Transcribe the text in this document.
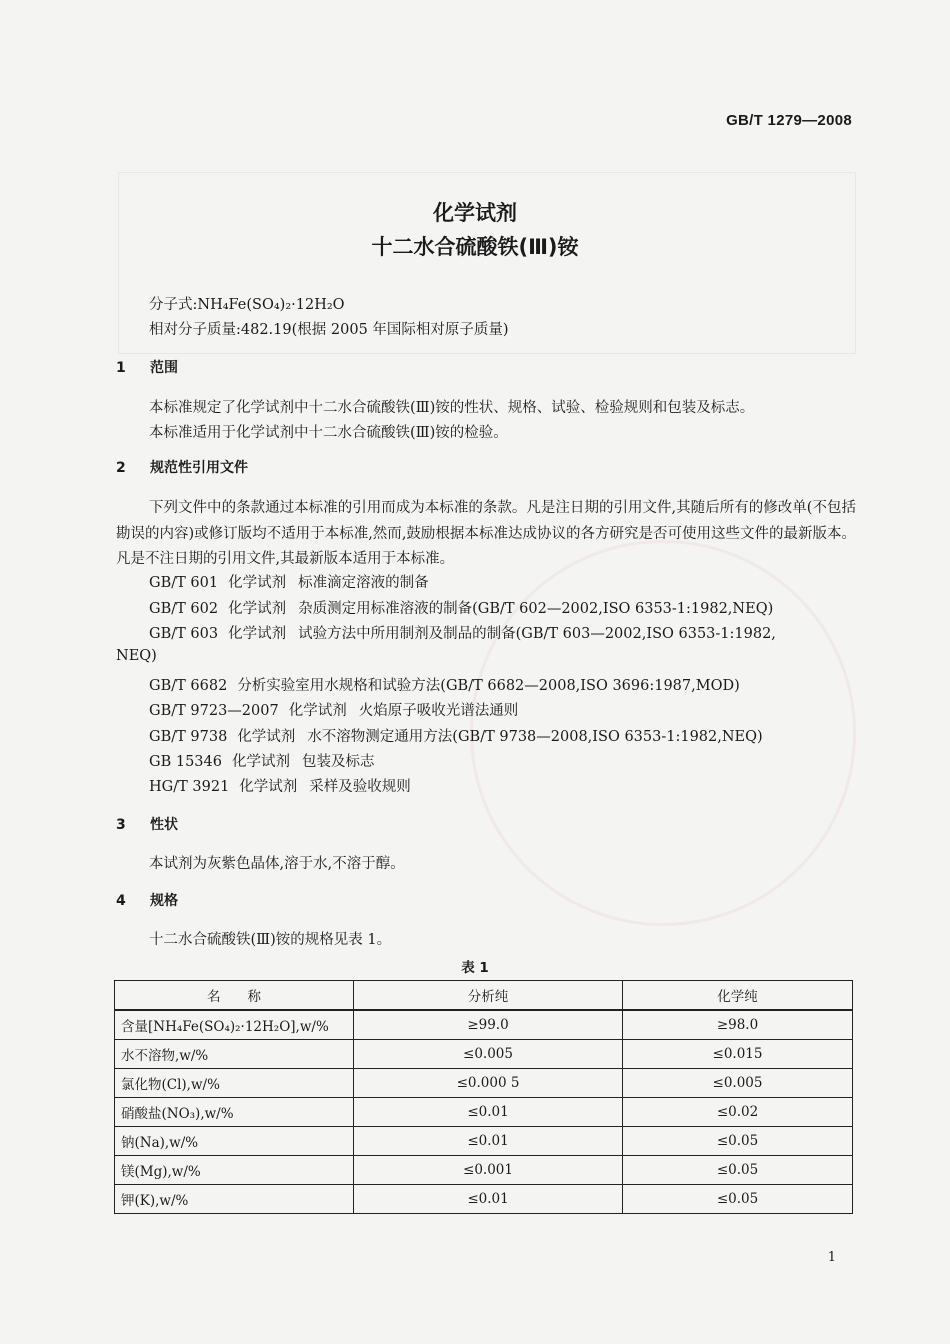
GB/T 1279—2008
化学试剂
十二水合硫酸铁(Ⅲ)铵
分子式:NH₄Fe(SO₄)₂·12H₂O
相对分子质量:482.19(根据 2005 年国际相对原子质量)
1 范围
本标准规定了化学试剂中十二水合硫酸铁(Ⅲ)铵的性状、规格、试验、检验规则和包装及标志。
本标准适用于化学试剂中十二水合硫酸铁(Ⅲ)铵的检验。
2 规范性引用文件
下列文件中的条款通过本标准的引用而成为本标准的条款。凡是注日期的引用文件,其随后所有的修改单(不包括勘误的内容)或修订版均不适用于本标准,然而,鼓励根据本标准达成协议的各方研究是否可使用这些文件的最新版本。凡是不注日期的引用文件,其最新版本适用于本标准。
GB/T 601 化学试剂 标准滴定溶液的制备
GB/T 602 化学试剂 杂质测定用标准溶液的制备(GB/T 602—2002,ISO 6353-1:1982,NEQ)
GB/T 603 化学试剂 试验方法中所用制剂及制品的制备(GB/T 603—2002,ISO 6353-1:1982,
NEQ)
GB/T 6682 分析实验室用水规格和试验方法(GB/T 6682—2008,ISO 3696:1987,MOD)
GB/T 9723—2007 化学试剂 火焰原子吸收光谱法通则
GB/T 9738 化学试剂 水不溶物测定通用方法(GB/T 9738—2008,ISO 6353-1:1982,NEQ)
GB 15346 化学试剂 包装及标志
HG/T 3921 化学试剂 采样及验收规则
3 性状
本试剂为灰紫色晶体,溶于水,不溶于醇。
4 规格
十二水合硫酸铁(Ⅲ)铵的规格见表 1。
表 1
名　　称	分析纯	化学纯
含量[NH₄Fe(SO₄)₂·12H₂O],w/%	≥99.0	≥98.0
水不溶物,w/%	≤0.005	≤0.015
氯化物(Cl),w/%	≤0.000 5	≤0.005
硝酸盐(NO₃),w/%	≤0.01	≤0.02
钠(Na),w/%	≤0.01	≤0.05
镁(Mg),w/%	≤0.001	≤0.05
钾(K),w/%	≤0.01	≤0.05
1
